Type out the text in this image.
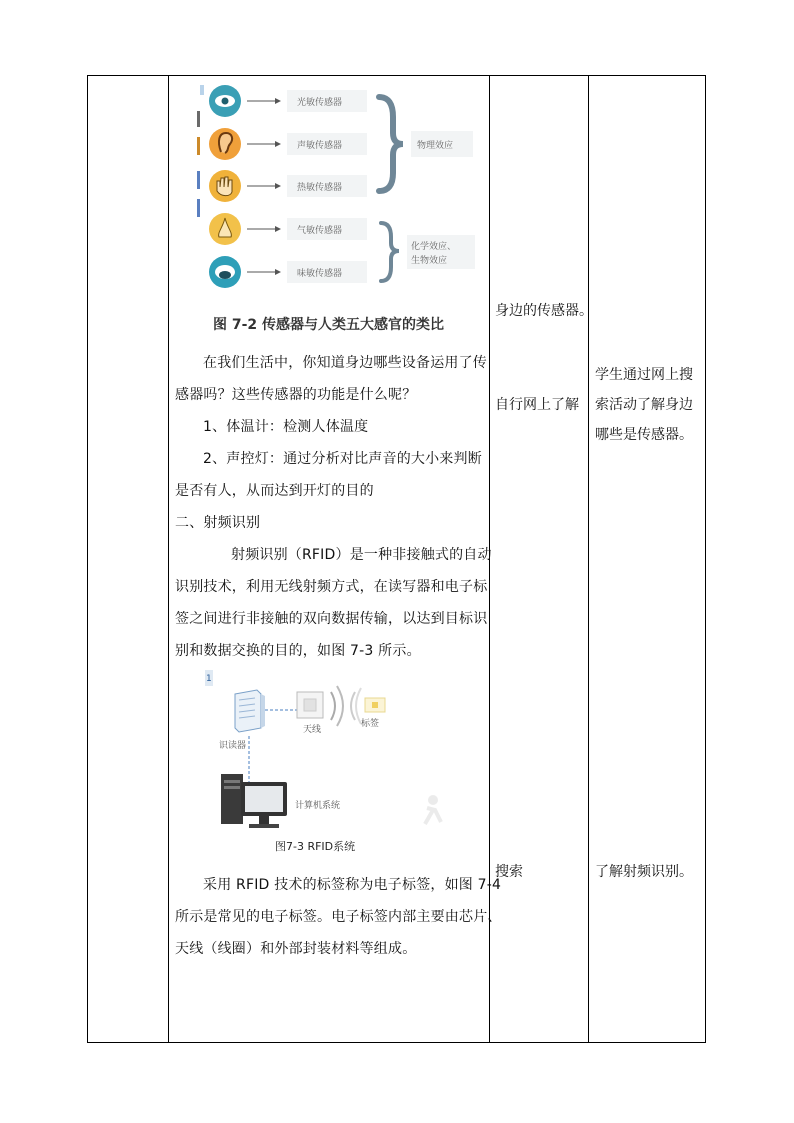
光敏传感器
声敏传感器
热敏传感器
气敏传感器
味敏传感器
物理效应
化学效应、
生物效应
图 7-2 传感器与人类五大感官的类比
在我们生活中，你知道身边哪些设备运用了传
感器吗？这些传感器的功能是什么呢？
1、体温计：检测人体温度
2、声控灯：通过分析对比声音的大小来判断
是否有人，从而达到开灯的目的
二、射频识别
射频识别（RFID）是一种非接触式的自动
识别技术，利用无线射频方式，在读写器和电子标
签之间进行非接触的双向数据传输，以达到目标识
别和数据交换的目的，如图 7-3 所示。
1
识读器
天线
标签
计算机系统
图7-3 RFID系统
采用 RFID 技术的标签称为电子标签，如图 7-4
所示是常见的电子标签。电子标签内部主要由芯片、
天线（线圈）和外部封装材料等组成。
身边的传感器。
自行网上了解
搜索
学生通过网上搜
索活动了解身边
哪些是传感器。
了解射频识别。
